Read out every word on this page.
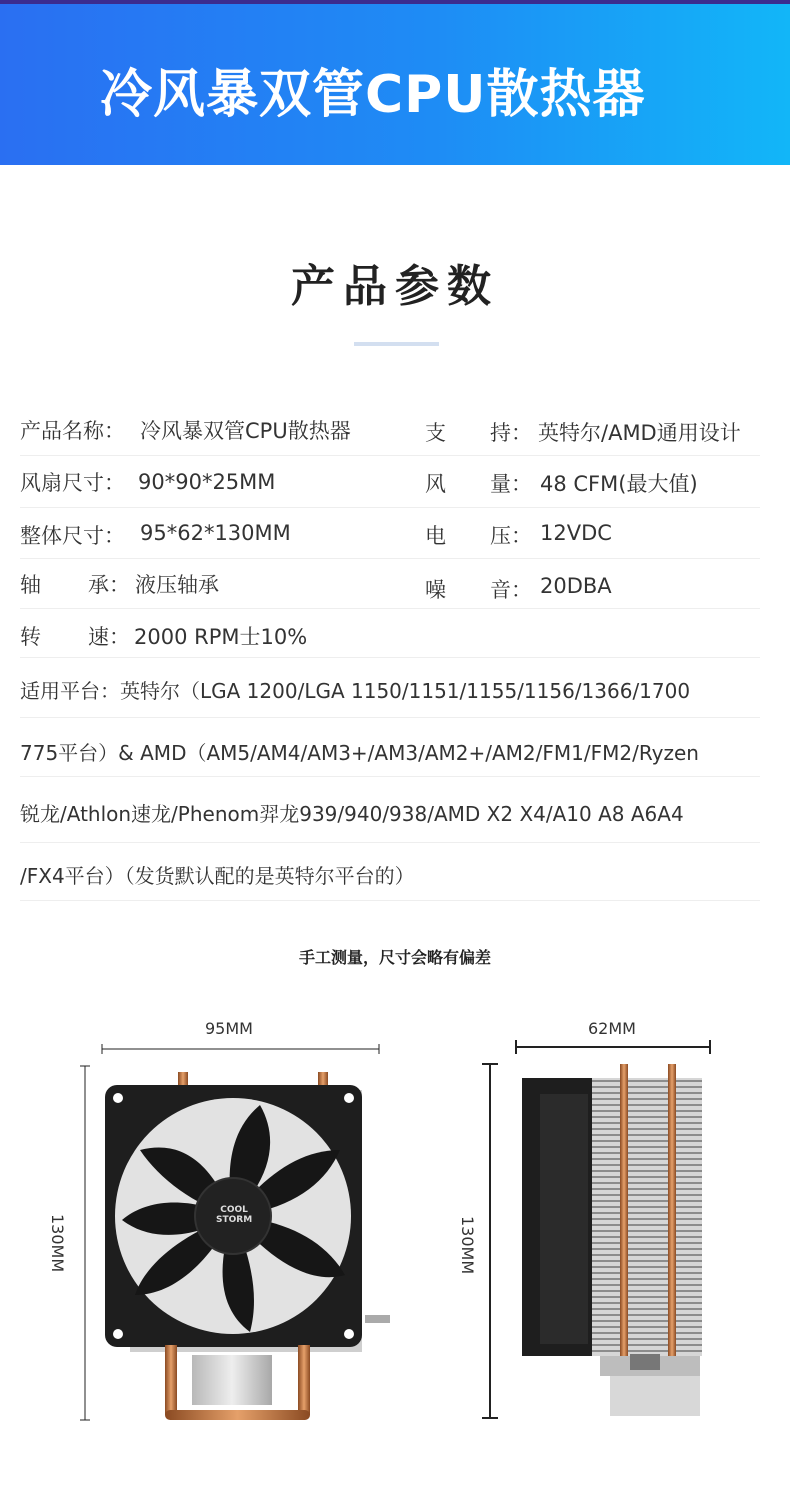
冷风暴双管CPU散热器
产品参数
产品名称： 冷风暴双管CPU散热器	支 持： 英特尔/AMD通用设计
风扇尺寸： 90*90*25MM	风 量： 48 CFM(最大值)
整体尺寸： 95*62*130MM	电 压： 12VDC
轴 承： 液压轴承	噪 音： 20DBA
转 速： 2000 RPM士10%
适用平台：英特尔（LGA 1200/LGA 1150/1151/1155/1156/1366/1700
775平台）& AMD（AM5/AM4/AM3+/AM3/AM2+/AM2/FM1/FM2/Ryzen
锐龙/Athlon速龙/Phenom羿龙939/940/938/AMD X2 X4/A10 A8 A6A4
/FX4平台）（发货默认配的是英特尔平台的）
手工测量，尺寸会略有偏差
95MM
130MM
62MM
130MM
COOL
STORM
